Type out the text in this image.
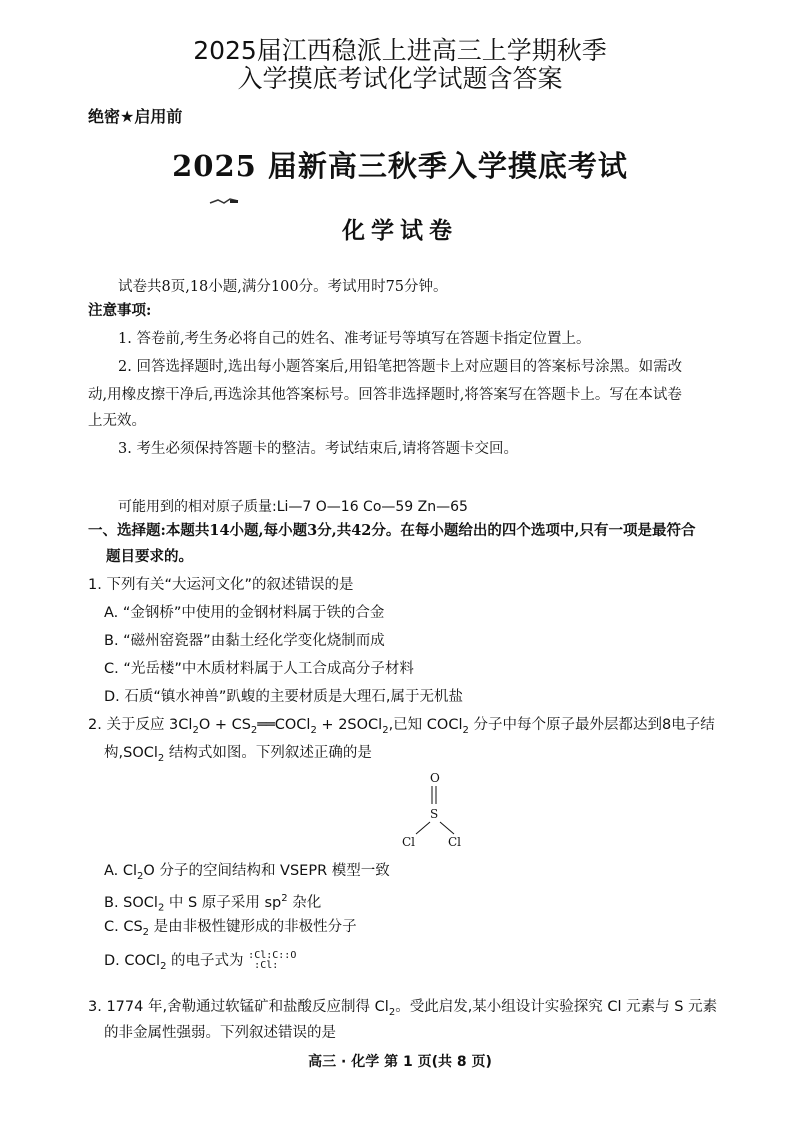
2025届江西稳派上进高三上学期秋季
入学摸底考试化学试题含答案
绝密★启用前
2025 届新高三秋季入学摸底考试
化学试卷
试卷共8页,18小题,满分100分。考试用时75分钟。
注意事项:
1. 答卷前,考生务必将自己的姓名、准考证号等填写在答题卡指定位置上。
2. 回答选择题时,选出每小题答案后,用铅笔把答题卡上对应题目的答案标号涂黑。如需改
动,用橡皮擦干净后,再选涂其他答案标号。回答非选择题时,将答案写在答题卡上。写在本试卷
上无效。
3. 考生必须保持答题卡的整洁。考试结束后,请将答题卡交回。
可能用到的相对原子质量:Li—7 O—16 Co—59 Zn—65
一、选择题:本题共14小题,每小题3分,共42分。在每小题给出的四个选项中,只有一项是最符合
题目要求的。
1. 下列有关“大运河文化”的叙述错误的是
A. “金钢桥”中使用的金钢材料属于铁的合金
B. “磁州窑瓷器”由黏土经化学变化烧制而成
C. “光岳楼”中木质材料属于人工合成高分子材料
D. 石质“镇水神兽”趴蝮的主要材质是大理石,属于无机盐
2. 关于反应 $3Cl_2O$ + $CS_2══COCl_2$ + 2SOCl$_2$,已知 COCl$_2$ 分子中每个原子最外层都达到8电子结
构,SOCl$_2$ 结构式如图。下列叙述正确的是
O
S
Cl	Cl
A. $Cl_2O$ 分子的空间结构和 VSEPR 模型一致
B. SOCl$_2$ 中 S 原子采用 $sp^2$ 杂化
C. $CS_2$ 是由非极性键形成的非极性分子
D. COCl$_2$ 的电子式为 :Cl:C::O
:Cl:
3. 1774 年,舍勒通过软锰矿和盐酸反应制得 $Cl_2$。受此启发,某小组设计实验探究 Cl 元素与 S 元素
的非金属性强弱。下列叙述错误的是
高三 · 化学 第 1 页(共 8 页)
